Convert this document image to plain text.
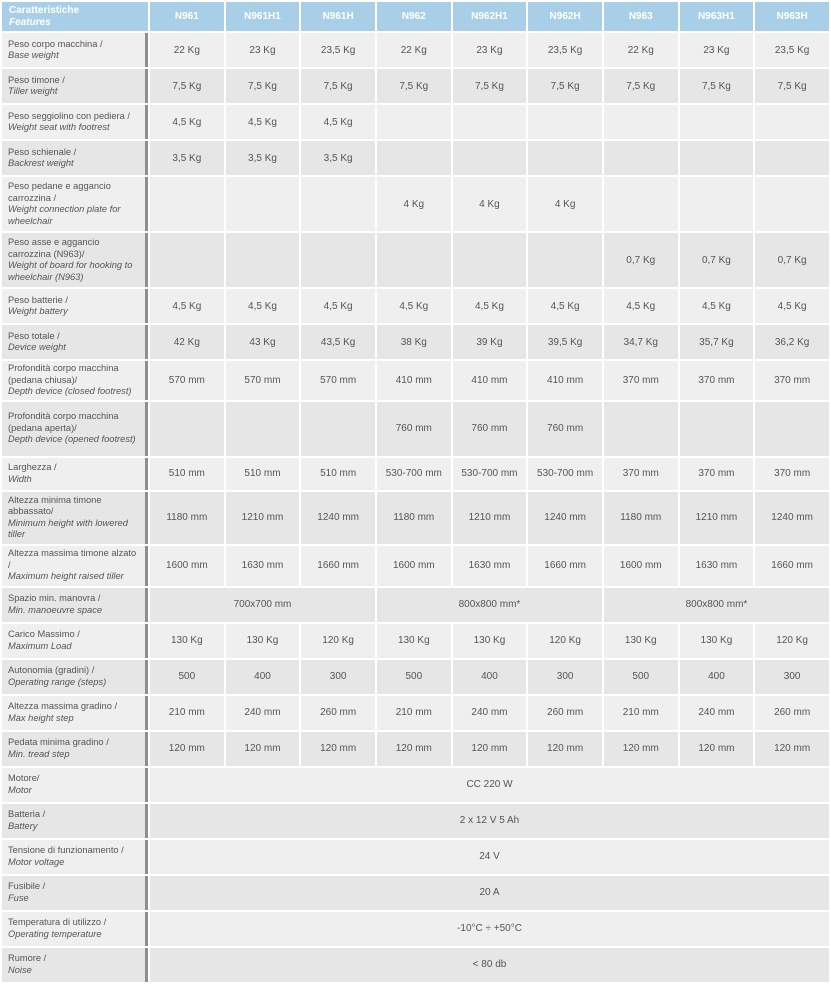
Caratteristiche
Features	N961	N961H1	N961H	N962	N962H1	N962H	N963	N963H1	N963H

Peso corpo macchina /
Base weight	22 Kg	23 Kg	23,5 Kg	22 Kg	23 Kg	23,5 Kg	22 Kg	23 Kg	23,5 Kg

Peso timone /
Tiller weight	7,5 Kg	7,5 Kg	7,5 Kg	7,5 Kg	7,5 Kg	7,5 Kg	7,5 Kg	7,5 Kg	7,5 Kg

Peso seggiolino con pediera /
Weight seat with footrest	4,5 Kg	4,5 Kg	4,5 Kg						

Peso schienale /
Backrest weight	3,5 Kg	3,5 Kg	3,5 Kg						

Peso pedane e aggancio carrozzina /
Weight connection plate for wheelchair				4 Kg	4 Kg	4 Kg			

Peso asse e aggancio carrozzina (N963)/
Weight of board for hooking to wheelchair (N963)							0,7 Kg	0,7 Kg	0,7 Kg

Peso batterie /
Weight battery	4,5 Kg	4,5 Kg	4,5 Kg	4,5 Kg	4,5 Kg	4,5 Kg	4,5 Kg	4,5 Kg	4,5 Kg

Peso totale /
Device weight	42 Kg	43 Kg	43,5 Kg	38 Kg	39 Kg	39,5 Kg	34,7 Kg	35,7 Kg	36,2 Kg

Profondità corpo macchina (pedana chiusa)/
Depth device (closed footrest)	570 mm	570 mm	570 mm	410 mm	410 mm	410 mm	370 mm	370 mm	370 mm

Profondità corpo macchina (pedana aperta)/
Depth device (opened footrest)				760 mm	760 mm	760 mm			

Larghezza /
Width	510 mm	510 mm	510 mm	530-700 mm	530-700 mm	530-700 mm	370 mm	370 mm	370 mm

Altezza minima timone abbassato/
Minimum height with lowered tiller	1180 mm	1210 mm	1240 mm	1180 mm	1210 mm	1240 mm	1180 mm	1210 mm	1240 mm

Altezza massima timone alzato /
Maximum height raised tiller	1600 mm	1630 mm	1660 mm	1600 mm	1630 mm	1660 mm	1600 mm	1630 mm	1660 mm

Spazio min. manovra /
Min. manoeuvre space	700x700 mm			800x800 mm*			800x800 mm*		

Carico Massimo /
Maximum Load	130 Kg	130 Kg	120 Kg	130 Kg	130 Kg	120 Kg	130 Kg	130 Kg	120 Kg

Autonomia (gradini) /
Operating range (steps)	500	400	300	500	400	300	500	400	300

Altezza massima gradino /
Max height step	210 mm	240 mm	260 mm	210 mm	240 mm	260 mm	210 mm	240 mm	260 mm

Pedata minima gradino /
Min. tread step	120 mm	120 mm	120 mm	120 mm	120 mm	120 mm	120 mm	120 mm	120 mm

Motore/
Motor	CC 220 W								

Batteria /
Battery	2 x 12 V 5 Ah								

Tensione di funzionamento /
Motor voltage	24 V								

Fusibile /
Fuse	20 A								

Temperatura di utilizzo /
Operating temperature	-10°C ÷ +50°C								

Rumore /
Noise	< 80 db								
